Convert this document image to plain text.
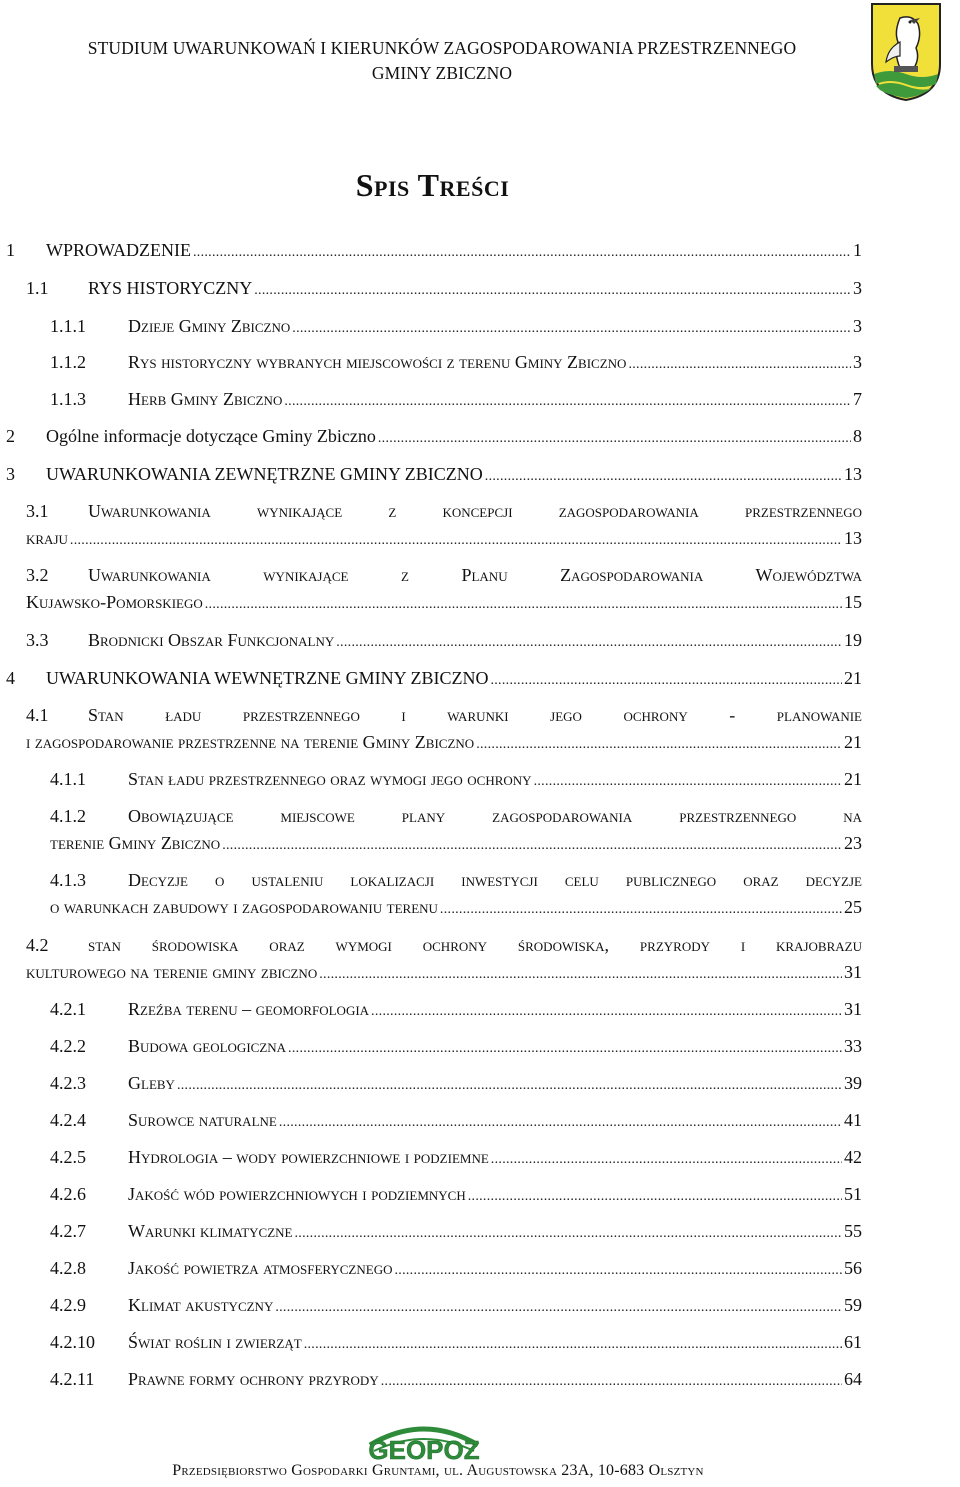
STUDIUM UWARUNKOWAŃ I KIERUNKÓW ZAGOSPODAROWANIA PRZESTRZENNEGO
GMINY ZBICZNO
Spis Treści
1 WPROWADZENIE . . .	1
1.1 RYS HISTORYCZNY . . .	3
1.1.1 Dzieje Gminy Zbiczno . . .	3
1.1.2 Rys historyczny wybranych miejscowości z terenu Gminy Zbiczno . . .	3
1.1.3 Herb Gminy Zbiczno . . .	7
2 Ogólne informacje dotyczące Gminy Zbiczno . . .	8
3 UWARUNKOWANIA ZEWNĘTRZNE GMINY ZBICZNO . . .	13
3.1 Uwarunkowania wynikające z koncepcji zagospodarowania przestrzennego
kraju . . .	13
3.2 Uwarunkowania wynikające z Planu Zagospodarowania Województwa
Kujawsko-Pomorskiego . . .	15
3.3 Brodnicki Obszar Funkcjonalny . . .	19
4 UWARUNKOWANIA WEWNĘTRZNE GMINY ZBICZNO . . .	21
4.1 Stan ładu przestrzennego i warunki jego ochrony - planowanie
i zagospodarowanie przestrzenne na terenie Gminy Zbiczno . . .	21
4.1.1 Stan ładu przestrzennego oraz wymogi jego ochrony . . .	21
4.1.2 Obowiązujące miejscowe plany zagospodarowania przestrzennego na
terenie Gminy Zbiczno . . .	23
4.1.3 Decyzje o ustaleniu lokalizacji inwestycji celu publicznego oraz decyzje
o warunkach zabudowy i zagospodarowaniu terenu . . .	25
4.2 stan środowiska oraz wymogi ochrony środowiska, przyrody i krajobrazu
kulturowego na terenie gminy zbiczno . . .	31
4.2.1 Rzeźba terenu – geomorfologia . . .	31
4.2.2 Budowa geologiczna . . .	33
4.2.3 Gleby . . .	39
4.2.4 Surowce naturalne . . .	41
4.2.5 Hydrologia – wody powierzchniowe i podziemne . . .	42
4.2.6 Jakość wód powierzchniowych i podziemnych . . .	51
4.2.7 Warunki klimatyczne . . .	55
4.2.8 Jakość powietrza atmosferycznego . . .	56
4.2.9 Klimat akustyczny . . .	59
4.2.10 Świat roślin i zwierząt . . .	61
4.2.11 Prawne formy ochrony przyrody . . .	64
GEOPOZ
Przedsiębiorstwo Gospodarki Gruntami, ul. Augustowska 23A, 10-683 Olsztyn
